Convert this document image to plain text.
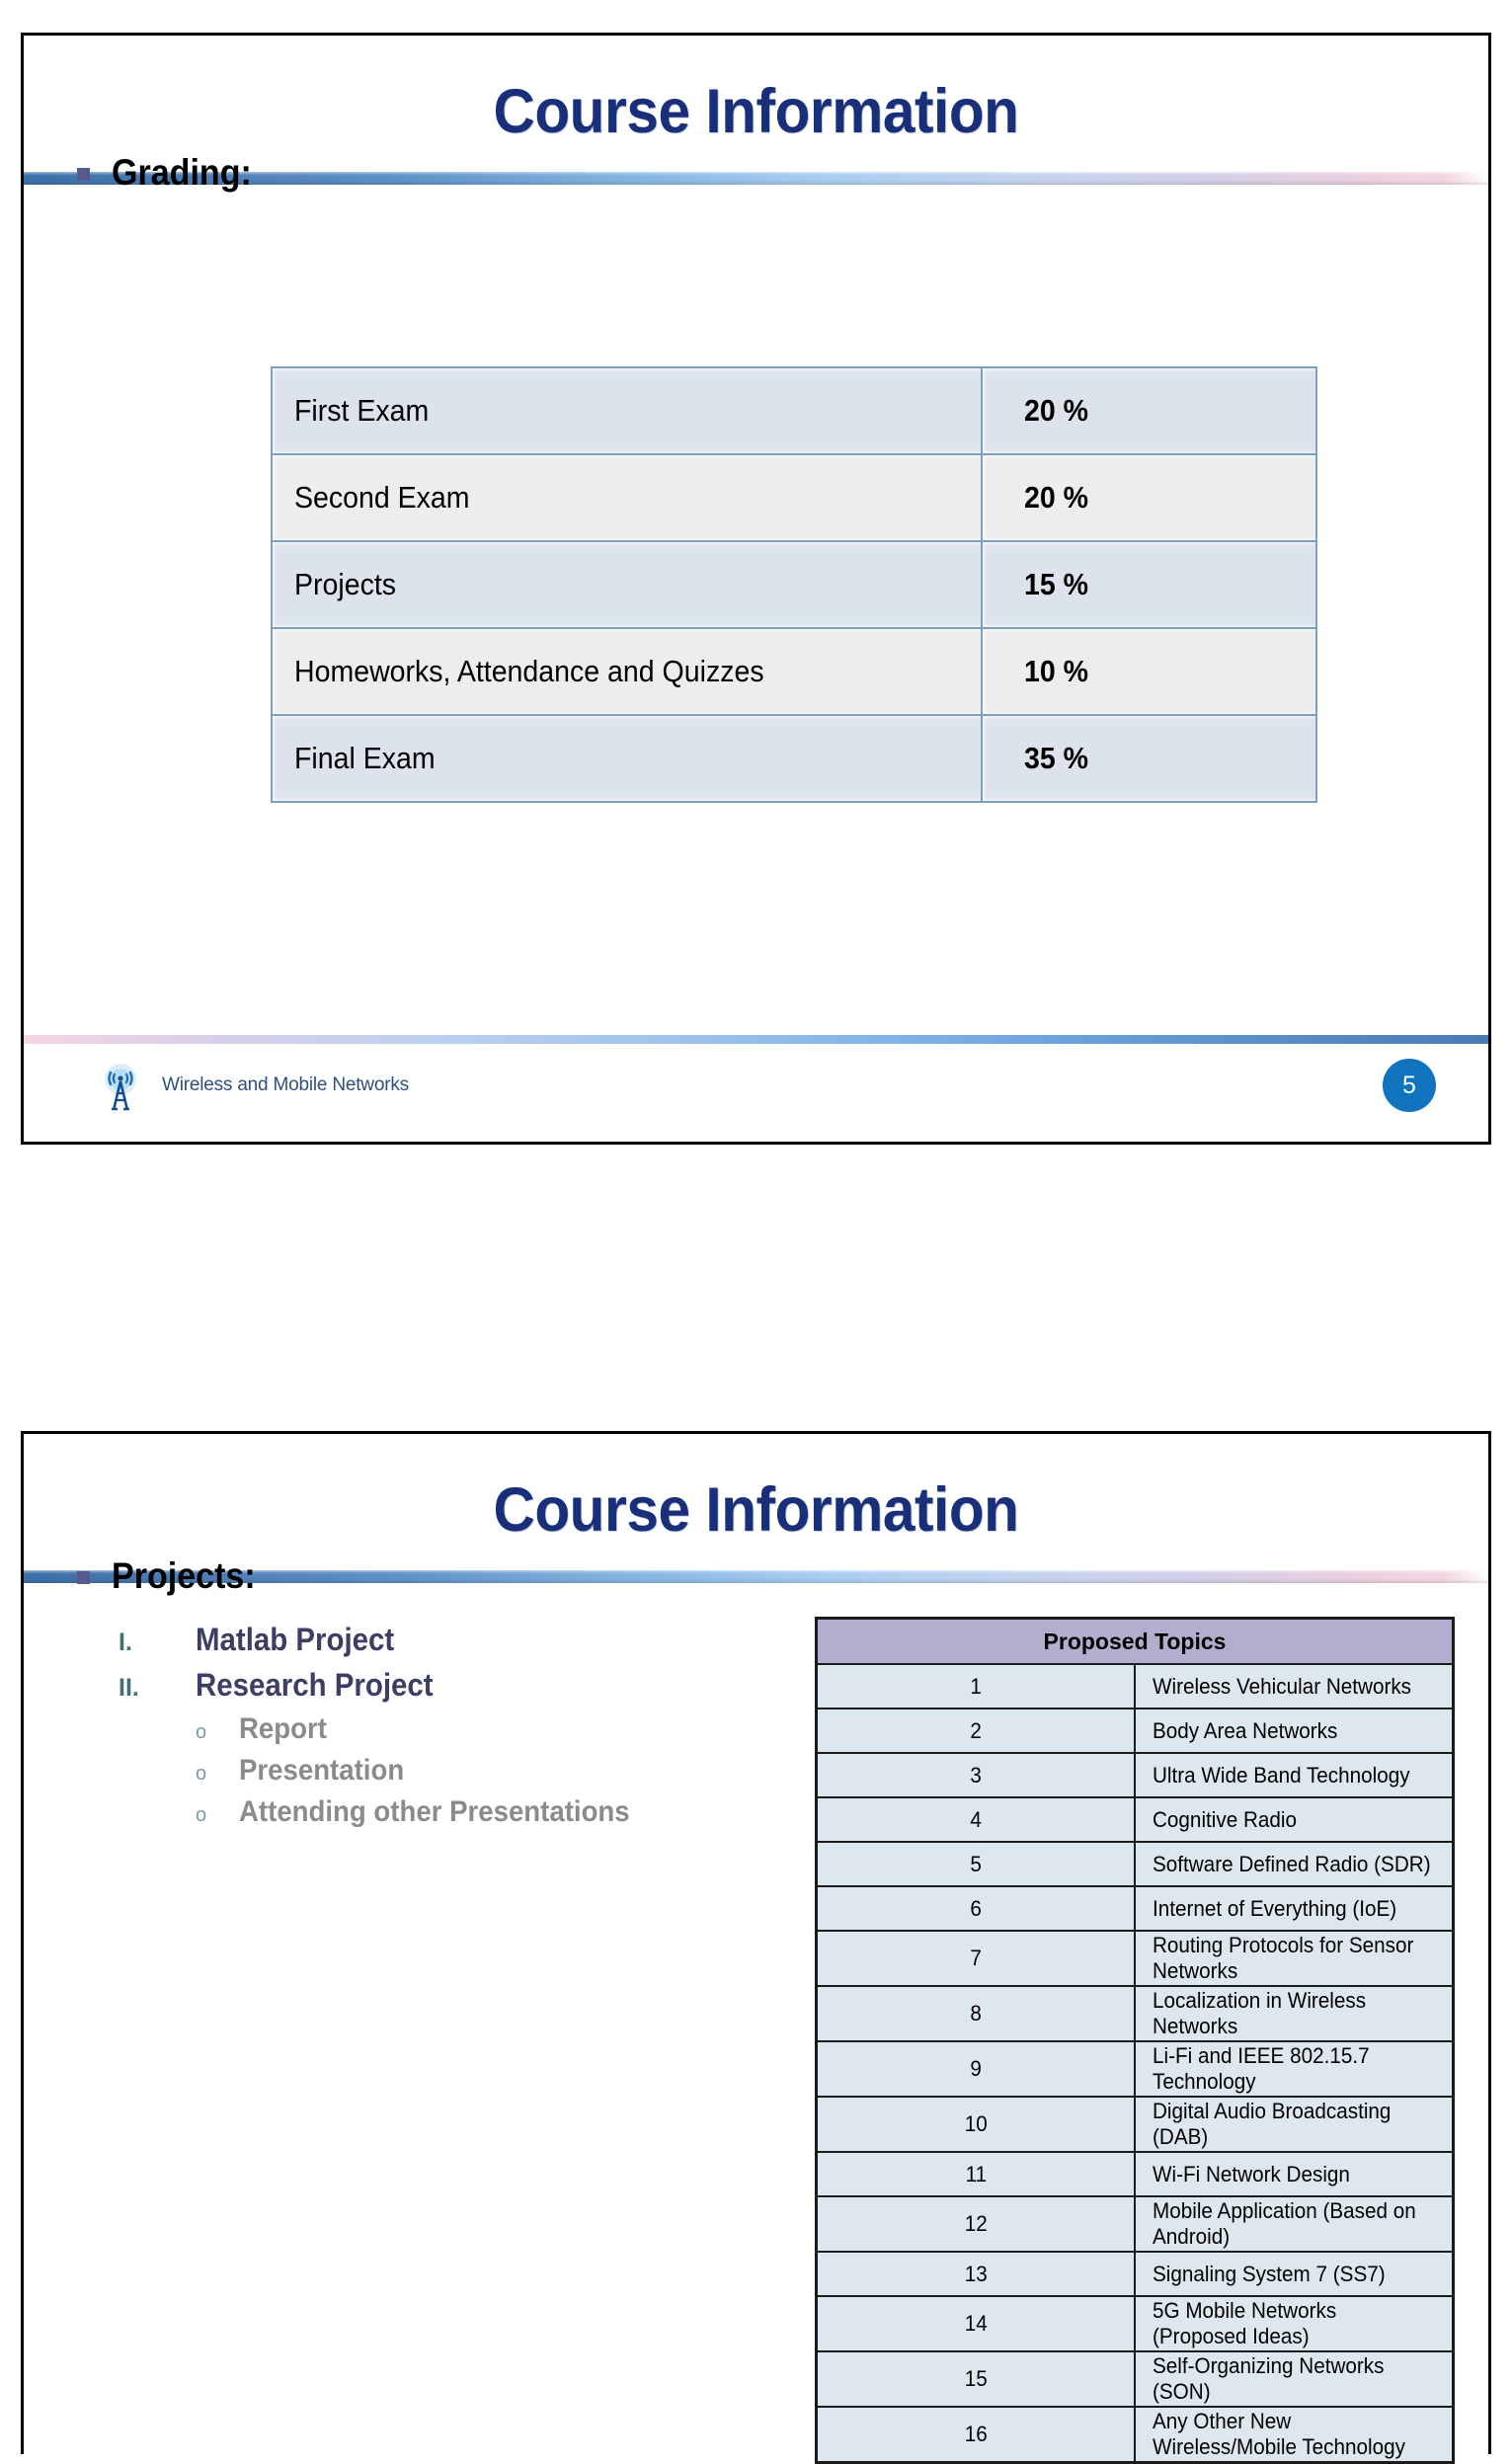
Course Information
Grading:
First Exam	20 %
Second Exam	20 %
Projects	15 %
Homeworks, Attendance and Quizzes	10 %
Final Exam	35 %
Wireless and Mobile Networks	5
Course Information
Projects:
I.	Matlab Project
II.	Research Project
o	Report
o	Presentation
o	Attending other Presentations
Proposed Topics	
1	Wireless Vehicular Networks
2	Body Area Networks
3	Ultra Wide Band Technology
4	Cognitive Radio
5	Software Defined Radio (SDR)
6	Internet of Everything (IoE)
7	Routing Protocols for Sensor Networks
8	Localization in Wireless Networks
9	Li-Fi and IEEE 802.15.7 Technology
10	Digital Audio Broadcasting (DAB)
11	Wi-Fi Network Design
12	Mobile Application (Based on Android)
13	Signaling System 7 (SS7)
14	5G Mobile Networks (Proposed Ideas)
15	Self-Organizing Networks (SON)
16	Any Other New Wireless/Mobile Technology
